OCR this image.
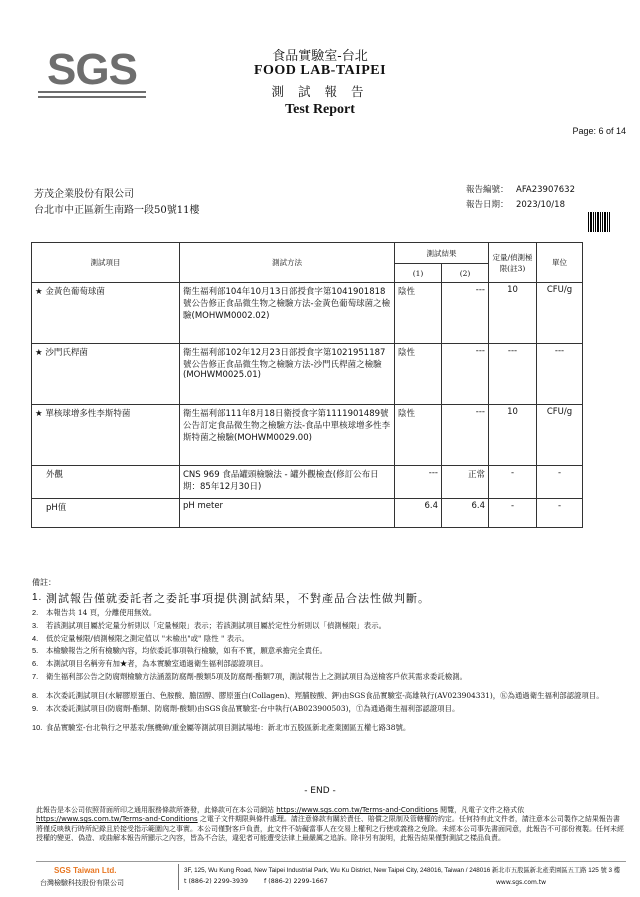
SGS	食品實驗室-台北
FOOD LAB-TAIPEI
測 試 報 告
Test Report
Page: 6 of 14
芳茂企業股份有限公司
台北市中正區新生南路一段50號11樓
報告編號： AFA23907632
報告日期： 2023/10/18
測試項目	測試方法	測試結果		定量/偵測極限(註3)	單位
		(1)	(2)		
★ 金黃色葡萄球菌	衛生福利部104年10月13日部授食字第1041901818號公告修正食品微生物之檢驗方法-金黃色葡萄球菌之檢驗(MOHWM0002.02)	陰性	---	10	CFU/g
★ 沙門氏桿菌	衛生福利部102年12月23日部授食字第1021951187號公告修正食品微生物之檢驗方法-沙門氏桿菌之檢驗(MOHWM0025.01)	陰性	---	---	---
★ 單核球增多性李斯特菌	衛生福利部111年8月18日衛授食字第1111901489號公告訂定食品微生物之檢驗方法-食品中單核球增多性李斯特菌之檢驗(MOHWM0029.00)	陰性	---	10	CFU/g
外觀	CNS 969 食品罐頭檢驗法 - 罐外觀檢查(修訂公布日期：85年12月30日)	---	正常	-	-
pH值	pH meter	6.4	6.4	-	-
備註：
1. 測試報告僅就委託者之委託事項提供測試結果，不對產品合法性做判斷。
2.	本報告共 14 頁，分離使用無效。
3.	若該測試項目屬於定量分析則以「定量極限」表示；若該測試項目屬於定性分析則以「偵測極限」表示。
4.	低於定量極限/偵測極限之測定值以 "未檢出"或" 陰性 " 表示。
5.	本檢驗報告之所有檢驗內容，均依委託事項執行檢驗，如有不實，願意承擔完全責任。
6.	本測試項目名稱旁有加★者，為本實驗室通過衛生福利部認證項目。
7.	衛生福利部公告之防腐劑檢驗方法涵蓋防腐劑-酸類5項及防腐劑-酯類7項，測試報告上之測試項目為送檢客戶依其需求委託檢測。
8.	本次委託測試項目(水解膠原蛋白、色胺酸、膽固醇、膠原蛋白(Collagen)、羥脯胺酸、鉀)由SGS食品實驗室-高雄執行(AV023904331)，Ⓚ為通過衛生福利部認證項目。
9.	本次委託測試項目(防腐劑-酯類、防腐劑-酸類)由SGS食品實驗室-台中執行(AB023900503)，Ⓣ為通過衛生福利部認證項目。
10. 食品實驗室-台北執行之甲基汞/無機砷/重金屬等測試項目測試場地：新北市五股區新北產業園區五權七路38號。
- END -
此報告是本公司依照背面所印之通用服務條款所簽發，此條款可在本公司網站 https://www.sgs.com.tw/Terms-and-Conditions 閱覽，凡電子文件之格式依https://www.sgs.com.tw/Terms-and-Conditions 之電子文件期限與條件處理。請注意條款有關於責任、賠償之限制及管轄權的約定。任何持有此文件者，請注意本公司製作之結果報告書將僅反映執行時所紀錄且於接受指示範圍內之事實。本公司僅對客戶負責，此文件不妨礙當事人在交易上權利之行使或義務之免除。未經本公司事先書面同意，此報告不可部份複製。任何未經授權的變更、偽造、或曲解本報告所顯示之內容，皆為不合法，違犯者可能遭受法律上最嚴厲之追訴。除非另有說明，此報告結果僅對測試之樣品負責。
SGS Taiwan Ltd.
台灣檢驗科技股份有限公司
3F, 125, Wu Kung Road, New Taipei Industrial Park, Wu Ku District, New Taipei City, 248016, Taiwan / 248016 新北市五股區新北產業園區五工路 125 號 3 樓
t (886-2) 2299-3939	f (886-2) 2299-1667	www.sgs.com.tw
